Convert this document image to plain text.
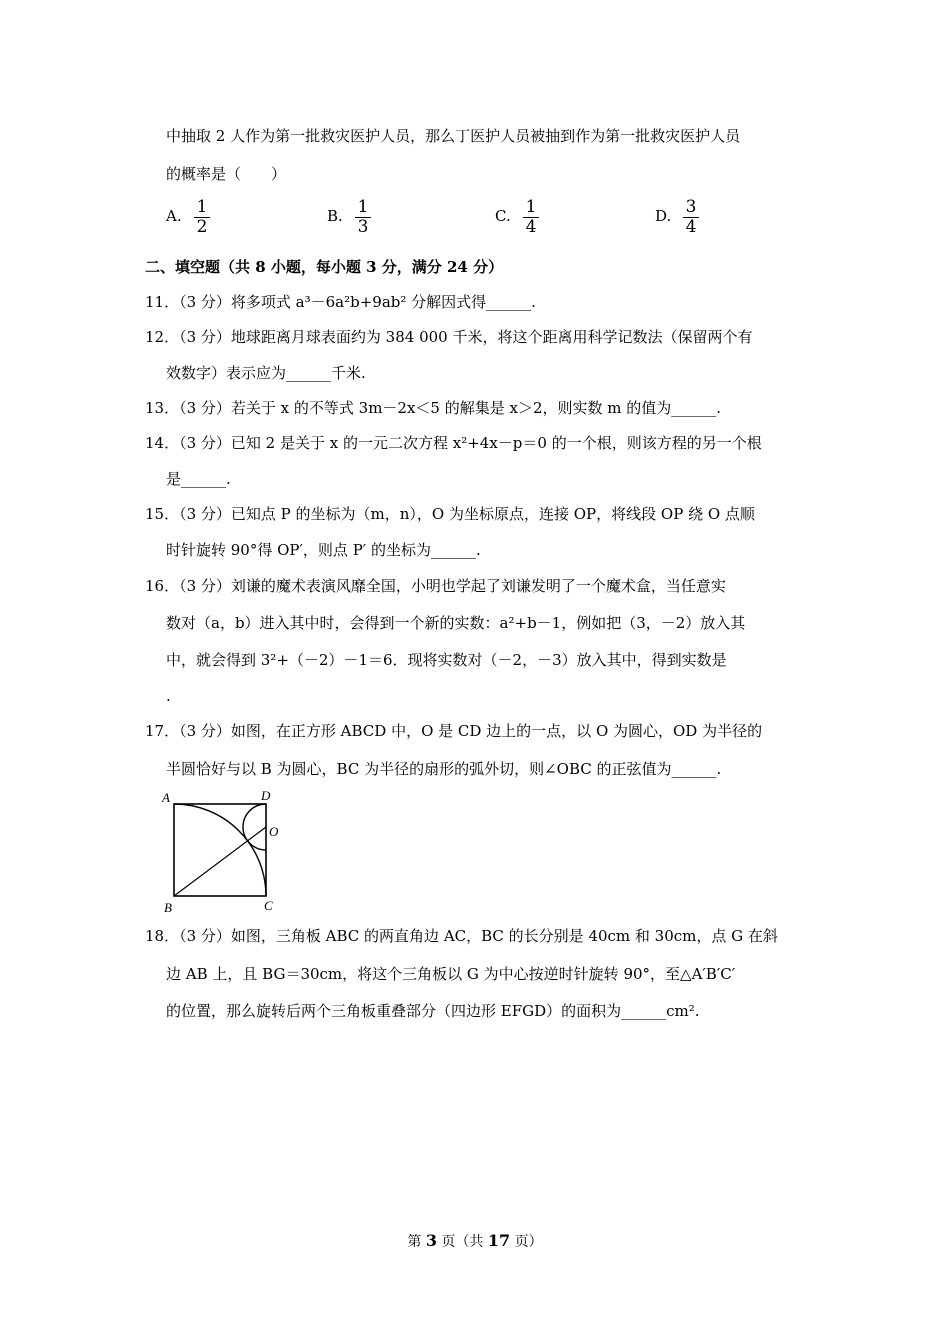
中抽取 2 人作为第一批救灾医护人员，那么丁医护人员被抽到作为第一批救灾医护人员
的概率是（　　）
A. 1
2
B. 1
3
C. 1
4
D. 3
4
二、填空题（共 8 小题，每小题 3 分，满分 24 分）
11．（3 分）将多项式 a³－6a²b+9ab² 分解因式得______.
12．（3 分）地球距离月球表面约为 384 000 千米，将这个距离用科学记数法（保留两个有
效数字）表示应为______千米.
13．（3 分）若关于 x 的不等式 3m－2x＜5 的解集是 x＞2，则实数 m 的值为______.
14．（3 分）已知 2 是关于 x 的一元二次方程 x²+4x－p＝0 的一个根，则该方程的另一个根
是______.
15．（3 分）已知点 P 的坐标为（m，n），O 为坐标原点，连接 OP，将线段 OP 绕 O 点顺
时针旋转 90°得 OP′，则点 P′ 的坐标为______.
16．（3 分）刘谦的魔术表演风靡全国，小明也学起了刘谦发明了一个魔术盒，当任意实
数对（a，b）进入其中时，会得到一个新的实数：a²+b－1，例如把（3，－2）放入其
中，就会得到 3²+（－2）－1＝6．现将实数对（－2，－3）放入其中，得到实数是
.
17．（3 分）如图，在正方形 ABCD 中，O 是 CD 边上的一点，以 O 为圆心，OD 为半径的
半圆恰好与以 B 为圆心，BC 为半径的扇形的弧外切，则∠OBC 的正弦值为______.
A	D
O
B	C
18．（3 分）如图，三角板 ABC 的两直角边 AC，BC 的长分别是 40cm 和 30cm，点 G 在斜
边 AB 上，且 BG＝30cm，将这个三角板以 G 为中心按逆时针旋转 90°，至△A′B′C′
的位置，那么旋转后两个三角板重叠部分（四边形 EFGD）的面积为______cm².
第 3 页（共 17 页）
